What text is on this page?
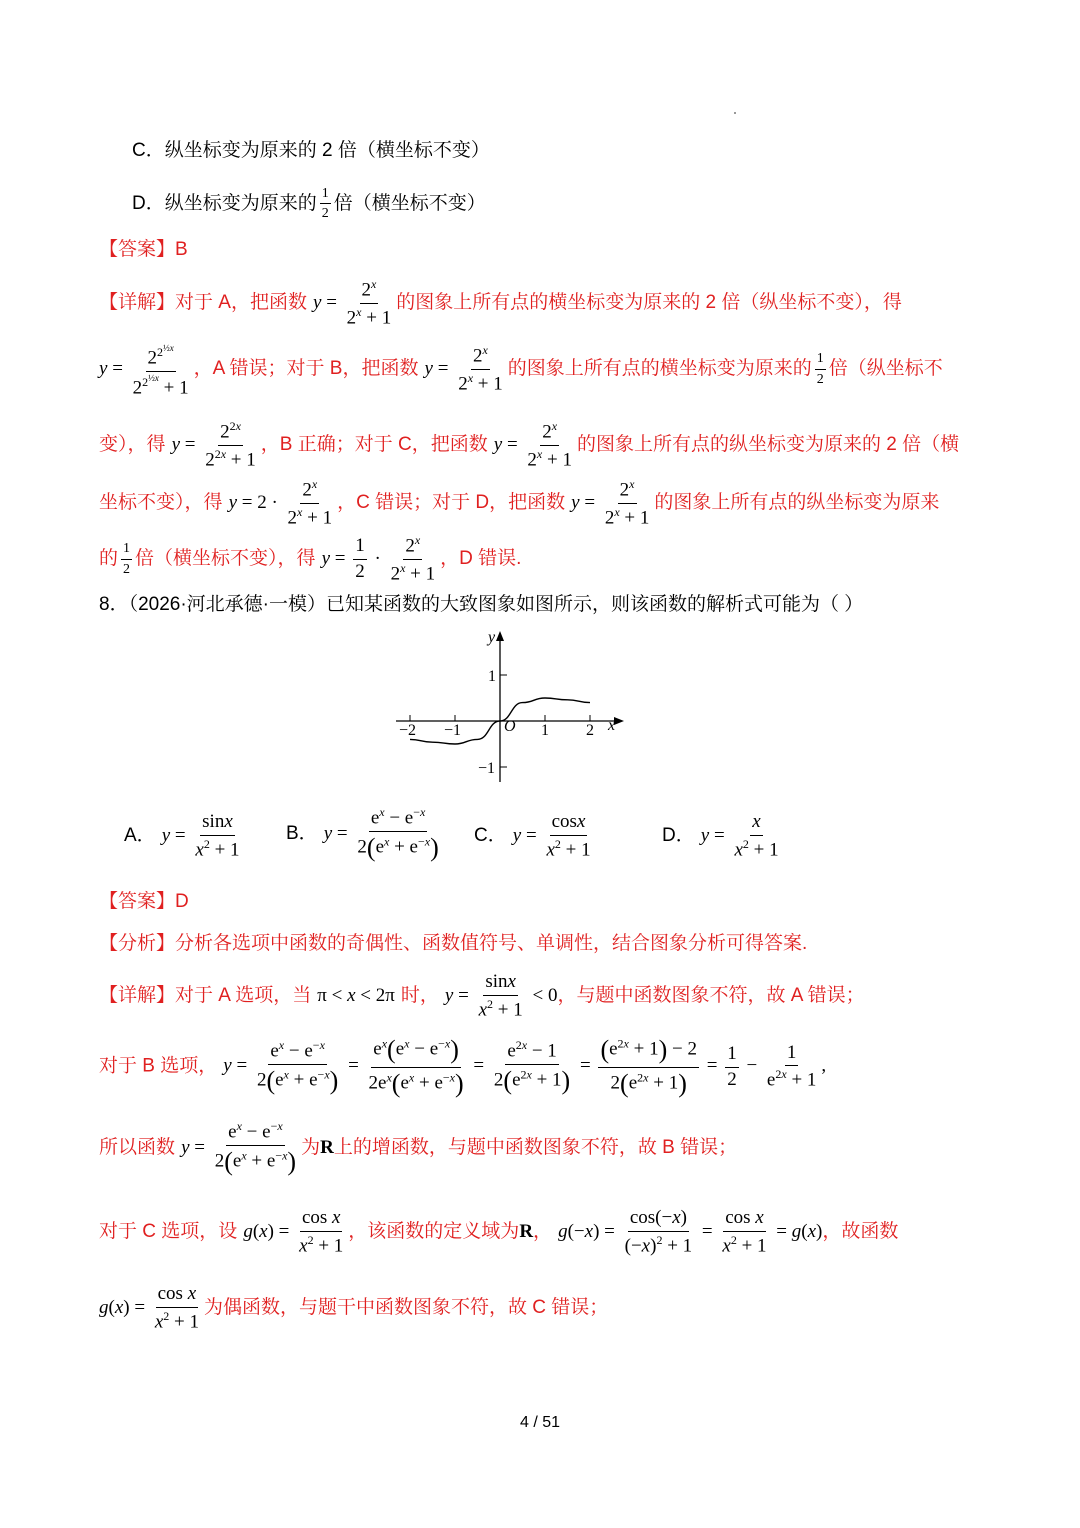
C．纵坐标变为原来的 2 倍（横坐标不变）
D．纵坐标变为原来的 $\frac{1}{2}$ 倍（横坐标不变）
【答案】B
【详解】对于 A，把函数 $y = \frac{2^x}{2^x + 1}$ 的图象上所有点的横坐标变为原来的 2 倍（纵坐标不变），得
$y = \frac{2^{2^{\frac{1}{2}x}}}{2^{2^{\frac{1}{2}x}} + 1}$ ，A 错误；对于 B，把函数 $y = \frac{2^x}{2^x + 1}$ 的图象上所有点的横坐标变为原来的 $\frac{1}{2}$ 倍（纵坐标不
变），得 $y = \frac{2^{2x}}{2^{2x} + 1}$ ，B 正确；对于 C，把函数 $y = \frac{2^x}{2^x + 1}$ 的图象上所有点的纵坐标变为原来的 2 倍（横
坐标不变），得 $y = 2 \cdot \frac{2^x}{2^x + 1}$ ，C 错误；对于 D，把函数 $y = \frac{2^x}{2^x + 1}$ 的图象上所有点的纵坐标变为原来
的 $\frac{1}{2}$ 倍（横坐标不变），得 $y = \frac{1}{2} \cdot \frac{2^x}{2^x + 1}$ ，D 错误.
8．（2026·河北承德·一模）已知某函数的大致图象如图所示，则该函数的解析式可能为（ ）
x
y
O
−2 −1	1 2
1
−1
A． $y = \frac{\sin x}{x^2 + 1}$ B． $y = \frac{e^x - e^{-x}}{2(e^x + e^{-x})}$ C． $y = \frac{\cos x}{x^2 + 1}$	D． $y = \frac{x}{x^2 + 1}$
【答案】D
【分析】分析各选项中函数的奇偶性、函数值符号、单调性，结合图象分析可得答案.
【详解】对于 A 选项，当 π < x < 2π 时， $y = \frac{\sin x}{x^2 + 1} < 0$，与题中函数图象不符，故 A 错误；
对于 B 选项， $y = \frac{e^x - e^{-x}}{2(e^x + e^{-x})} = \frac{e^x(e^x - e^{-x})}{2e^x(e^x + e^{-x})} = \frac{e^{2x} - 1}{2(e^{2x} + 1)} = \frac{(e^{2x} + 1) - 2}{2(e^{2x} + 1)} = \frac{1}{2} - \frac{1}{e^{2x} + 1}$ ,
所以函数 $y = \frac{e^x - e^{-x}}{2(e^x + e^{-x})}$ 为R上的增函数，与题中函数图象不符，故 B 错误；
对于 C 选项，设 $g(x) = \frac{\text{cos x}}{x^2 + 1}$ ，该函数的定义域为R， $g(-x) = \frac{\cos(-x)}{(-x)^2 + 1} = \frac{\text{cos x}}{x^2 + 1} = g(x)$，故函数
$g(x) = \frac{\text{cos x}}{x^2 + 1}$ 为偶函数，与题干中函数图象不符，故 C 错误；
4 / 51
